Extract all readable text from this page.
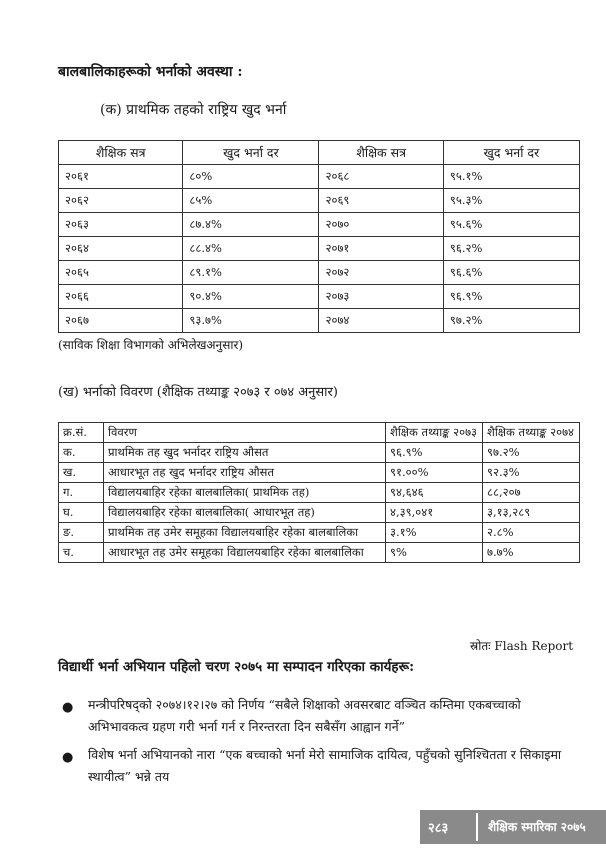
बालबालिकाहरूको भर्नाको अवस्था :
(क) प्राथमिक तहको राष्ट्रिय खुद भर्ना
शैक्षिक सत्र	खुद भर्ना दर	शैक्षिक सत्र	खुद भर्ना दर
२०६१	८०%	२०६८	९५.१%
२०६२	८५%	२०६९	९५.३%
२०६३	८७.४%	२०७०	९५.६%
२०६४	८८.४%	२०७१	९६.२%
२०६५	८९.१%	२०७२	९६.६%
२०६६	९०.४%	२०७३	९६.९%
२०६७	९३.७%	२०७४	९७.२%
(साविक शिक्षा विभागको अभिलेखअनुसार)
(ख) भर्नाको विवरण (शैक्षिक तथ्याङ्क २०७३ र ०७४ अनुसार)
क्र.सं.	विवरण	शैक्षिक तथ्याङ्क २०७३	शैक्षिक तथ्याङ्क २०७४
क.	प्राथमिक तह खुद भर्नादर राष्ट्रिय औसत	९६.९%	९७.२%
ख.	आधारभूत तह खुद भर्नादर राष्ट्रिय औसत	९१.००%	९२.३%
ग.	विद्यालयबाहिर रहेका बालबालिका( प्राथमिक तह)	९४,६४६	८८,२०७
घ.	विद्यालयबाहिर रहेका बालबालिका( आधारभूत तह)	४,३९,०४१	३,१३,२८९
ङ.	प्राथमिक तह उमेर समूहका विद्यालयबाहिर रहेका बालबालिका	३.१%	२.८%
च.	आधारभूत तह उमेर समूहका विद्यालयबाहिर रहेका बालबालिका	९%	७.७%
स्रोतः Flash Report
विद्यार्थी भर्ना अभियान पहिलो चरण २०७५ मा सम्पादन गरिएका कार्यहरू:
● मन्त्रीपरिषद्को २०७४।१२।२७ को निर्णय “सबैले शिक्षाको अवसरबाट वञ्चित कम्तिमा एकबच्चाको अभिभावकत्व ग्रहण गरी भर्ना गर्न र निरन्तरता दिन सबैसँग आह्वान गर्ने”
● विशेष भर्ना अभियानको नारा “एक बच्चाको भर्ना मेरो सामाजिक दायित्व, पहुँचको सुनिश्चितता र सिकाइमा स्थायीत्व” भन्ने तय
२८३	शैक्षिक स्मारिका २०७५
